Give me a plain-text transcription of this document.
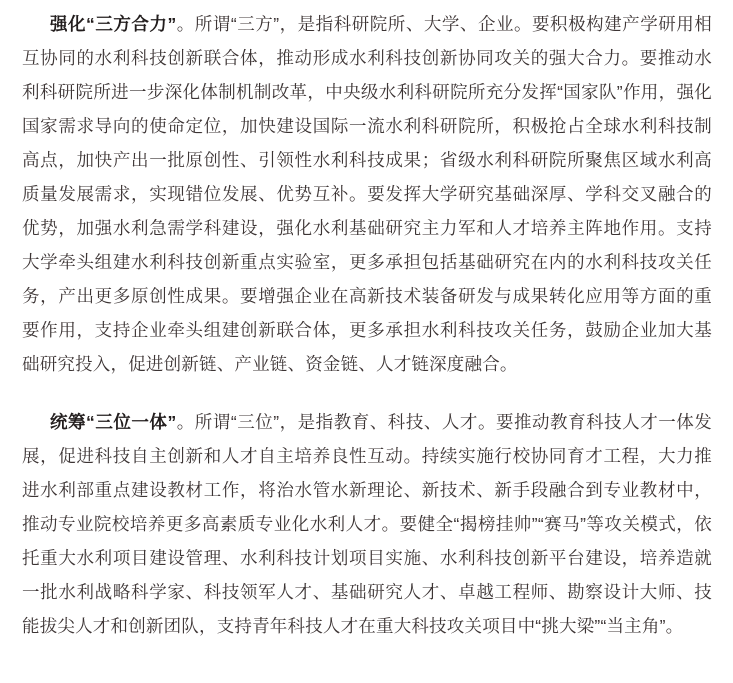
强化“三方合力”。所谓“三方”，是指科研院所、大学、企业。要积极构建产学研用相互协同的水利科技创新联合体，推动形成水利科技创新协同攻关的强大合力。要推动水利科研院所进一步深化体制机制改革，中央级水利科研院所充分发挥“国家队”作用，强化国家需求导向的使命定位，加快建设国际一流水利科研院所，积极抢占全球水利科技制高点，加快产出一批原创性、引领性水利科技成果；省级水利科研院所聚焦区域水利高质量发展需求，实现错位发展、优势互补。要发挥大学研究基础深厚、学科交叉融合的优势，加强水利急需学科建设，强化水利基础研究主力军和人才培养主阵地作用。支持大学牵头组建水利科技创新重点实验室，更多承担包括基础研究在内的水利科技攻关任务，产出更多原创性成果。要增强企业在高新技术装备研发与成果转化应用等方面的重要作用，支持企业牵头组建创新联合体，更多承担水利科技攻关任务，鼓励企业加大基础研究投入，促进创新链、产业链、资金链、人才链深度融合。

统筹“三位一体”。所谓“三位”，是指教育、科技、人才。要推动教育科技人才一体发展，促进科技自主创新和人才自主培养良性互动。持续实施行校协同育才工程，大力推进水利部重点建设教材工作，将治水管水新理论、新技术、新手段融合到专业教材中，推动专业院校培养更多高素质专业化水利人才。要健全“揭榜挂帅”“赛马”等攻关模式，依托重大水利项目建设管理、水利科技计划项目实施、水利科技创新平台建设，培养造就一批水利战略科学家、科技领军人才、基础研究人才、卓越工程师、勘察设计大师、技能拔尖人才和创新团队，支持青年科技人才在重大科技攻关项目中“挑大梁”“当主角”。
